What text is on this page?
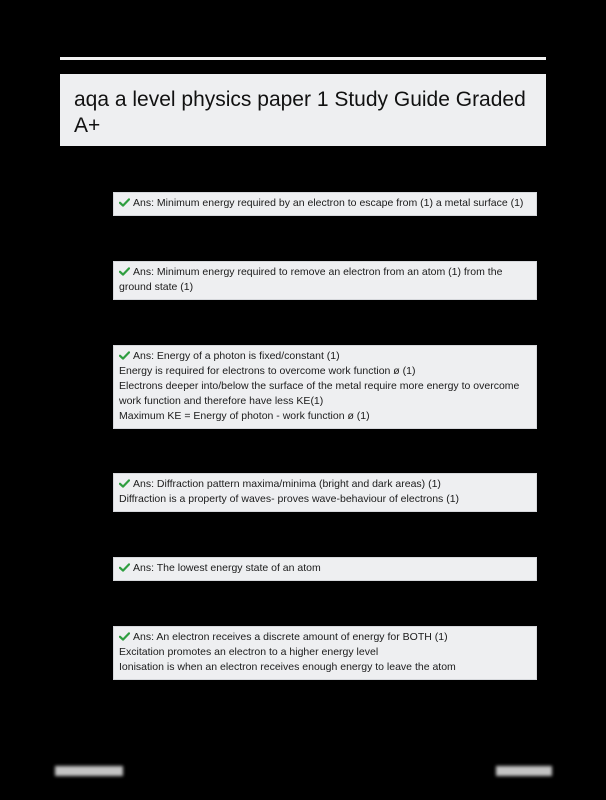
aqa a level physics paper 1 Study Guide Graded A+
Ans: Minimum energy required by an electron to escape from (1) a metal surface (1)
Ans: Minimum energy required to remove an electron from an atom (1) from the ground state (1)
Ans: Energy of a photon is fixed/constant (1)
Energy is required for electrons to overcome work function ø (1)
Electrons deeper into/below the surface of the metal require more energy to overcome work function and therefore have less KE(1)
Maximum KE = Energy of photon - work function ø (1)
Ans: Diffraction pattern maxima/minima (bright and dark areas) (1)
Diffraction is a property of waves- proves wave-behaviour of electrons (1)
Ans: The lowest energy state of an atom
Ans: An electron receives a discrete amount of energy for BOTH (1)
Excitation promotes an electron to a higher energy level
Ionisation is when an electron receives enough energy to leave the atom
